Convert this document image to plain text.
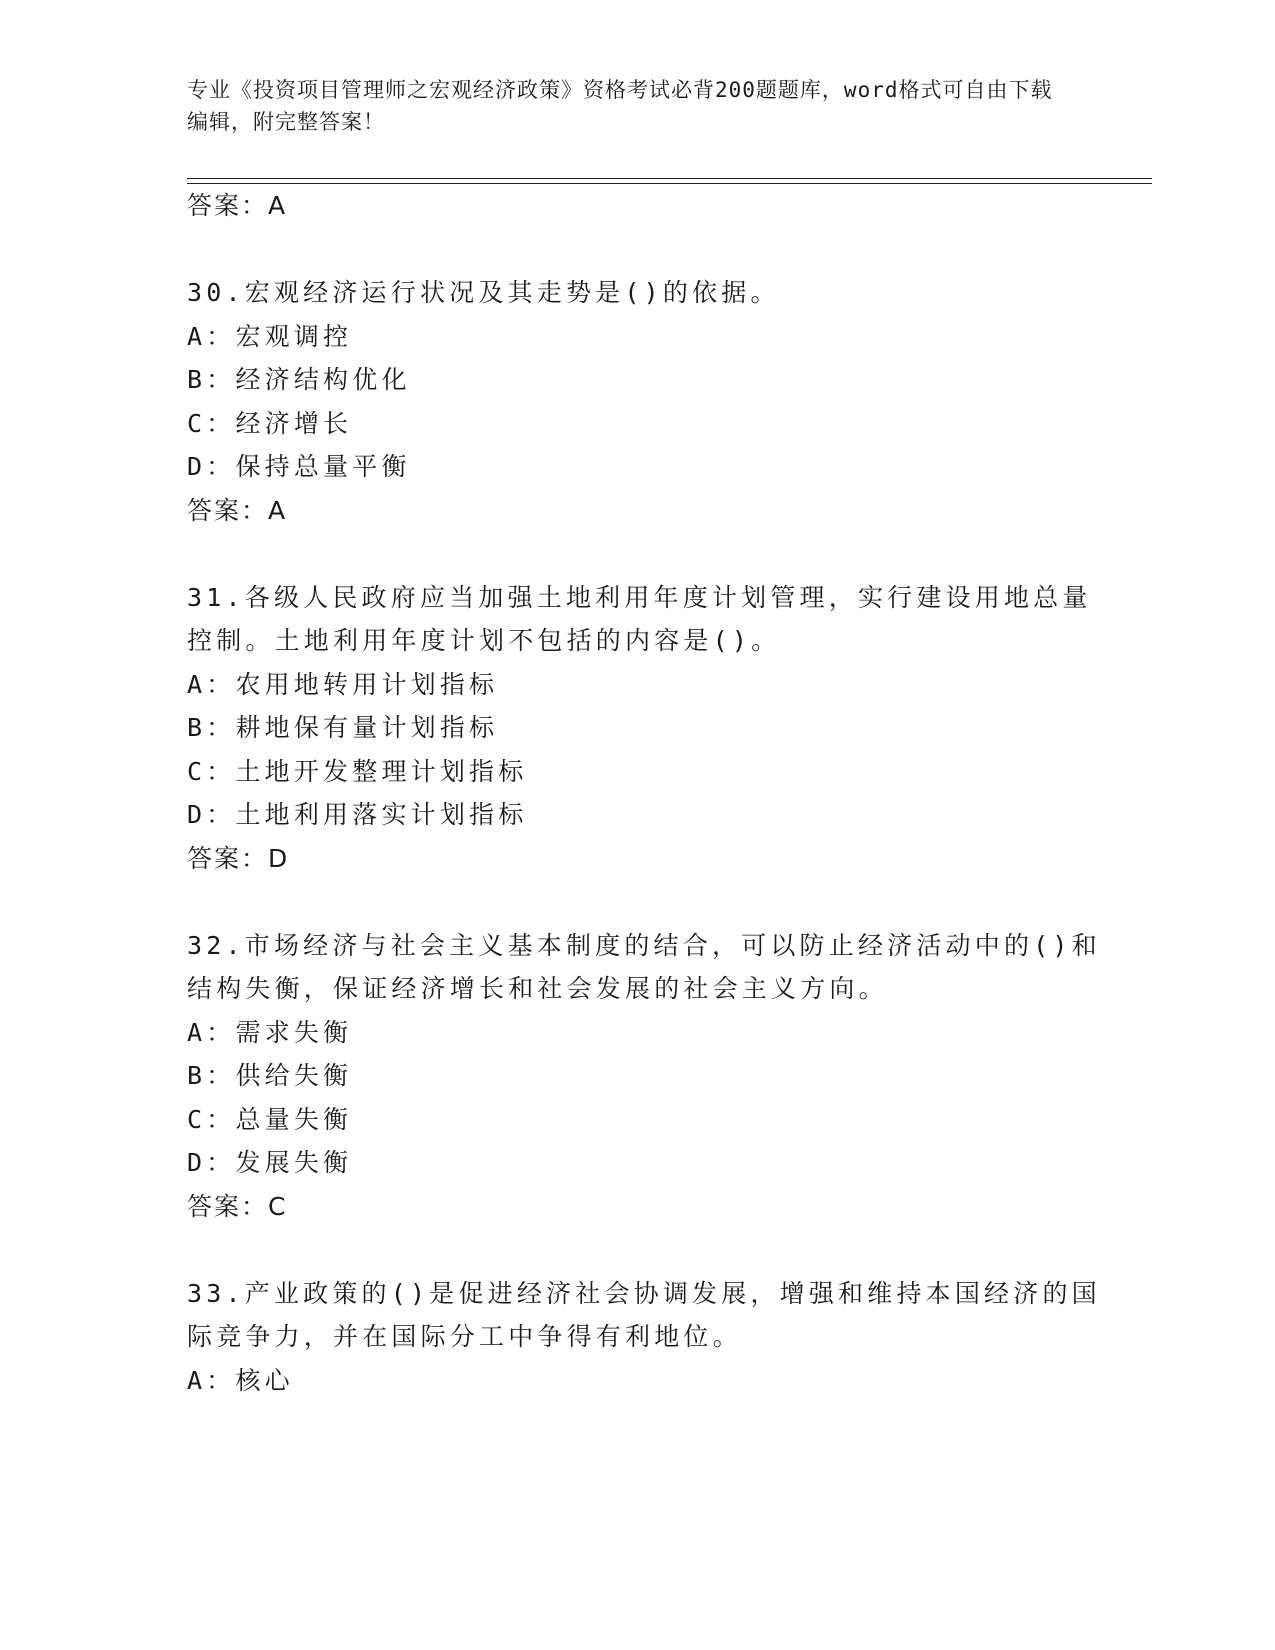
专业《投资项目管理师之宏观经济政策》资格考试必背200题题库，word格式可自由下载编辑，附完整答案！

答案：A
30.宏观经济运行状况及其走势是()的依据。
A：宏观调控
B：经济结构优化
C：经济增长
D：保持总量平衡
答案：A
31.各级人民政府应当加强土地利用年度计划管理，实行建设用地总量
控制。土地利用年度计划不包括的内容是()。
A：农用地转用计划指标
B：耕地保有量计划指标
C：土地开发整理计划指标
D：土地利用落实计划指标
答案：D
32.市场经济与社会主义基本制度的结合，可以防止经济活动中的()和
结构失衡，保证经济增长和社会发展的社会主义方向。
A：需求失衡
B：供给失衡
C：总量失衡
D：发展失衡
答案：C
33.产业政策的()是促进经济社会协调发展，增强和维持本国经济的国
际竞争力，并在国际分工中争得有利地位。
A：核心
